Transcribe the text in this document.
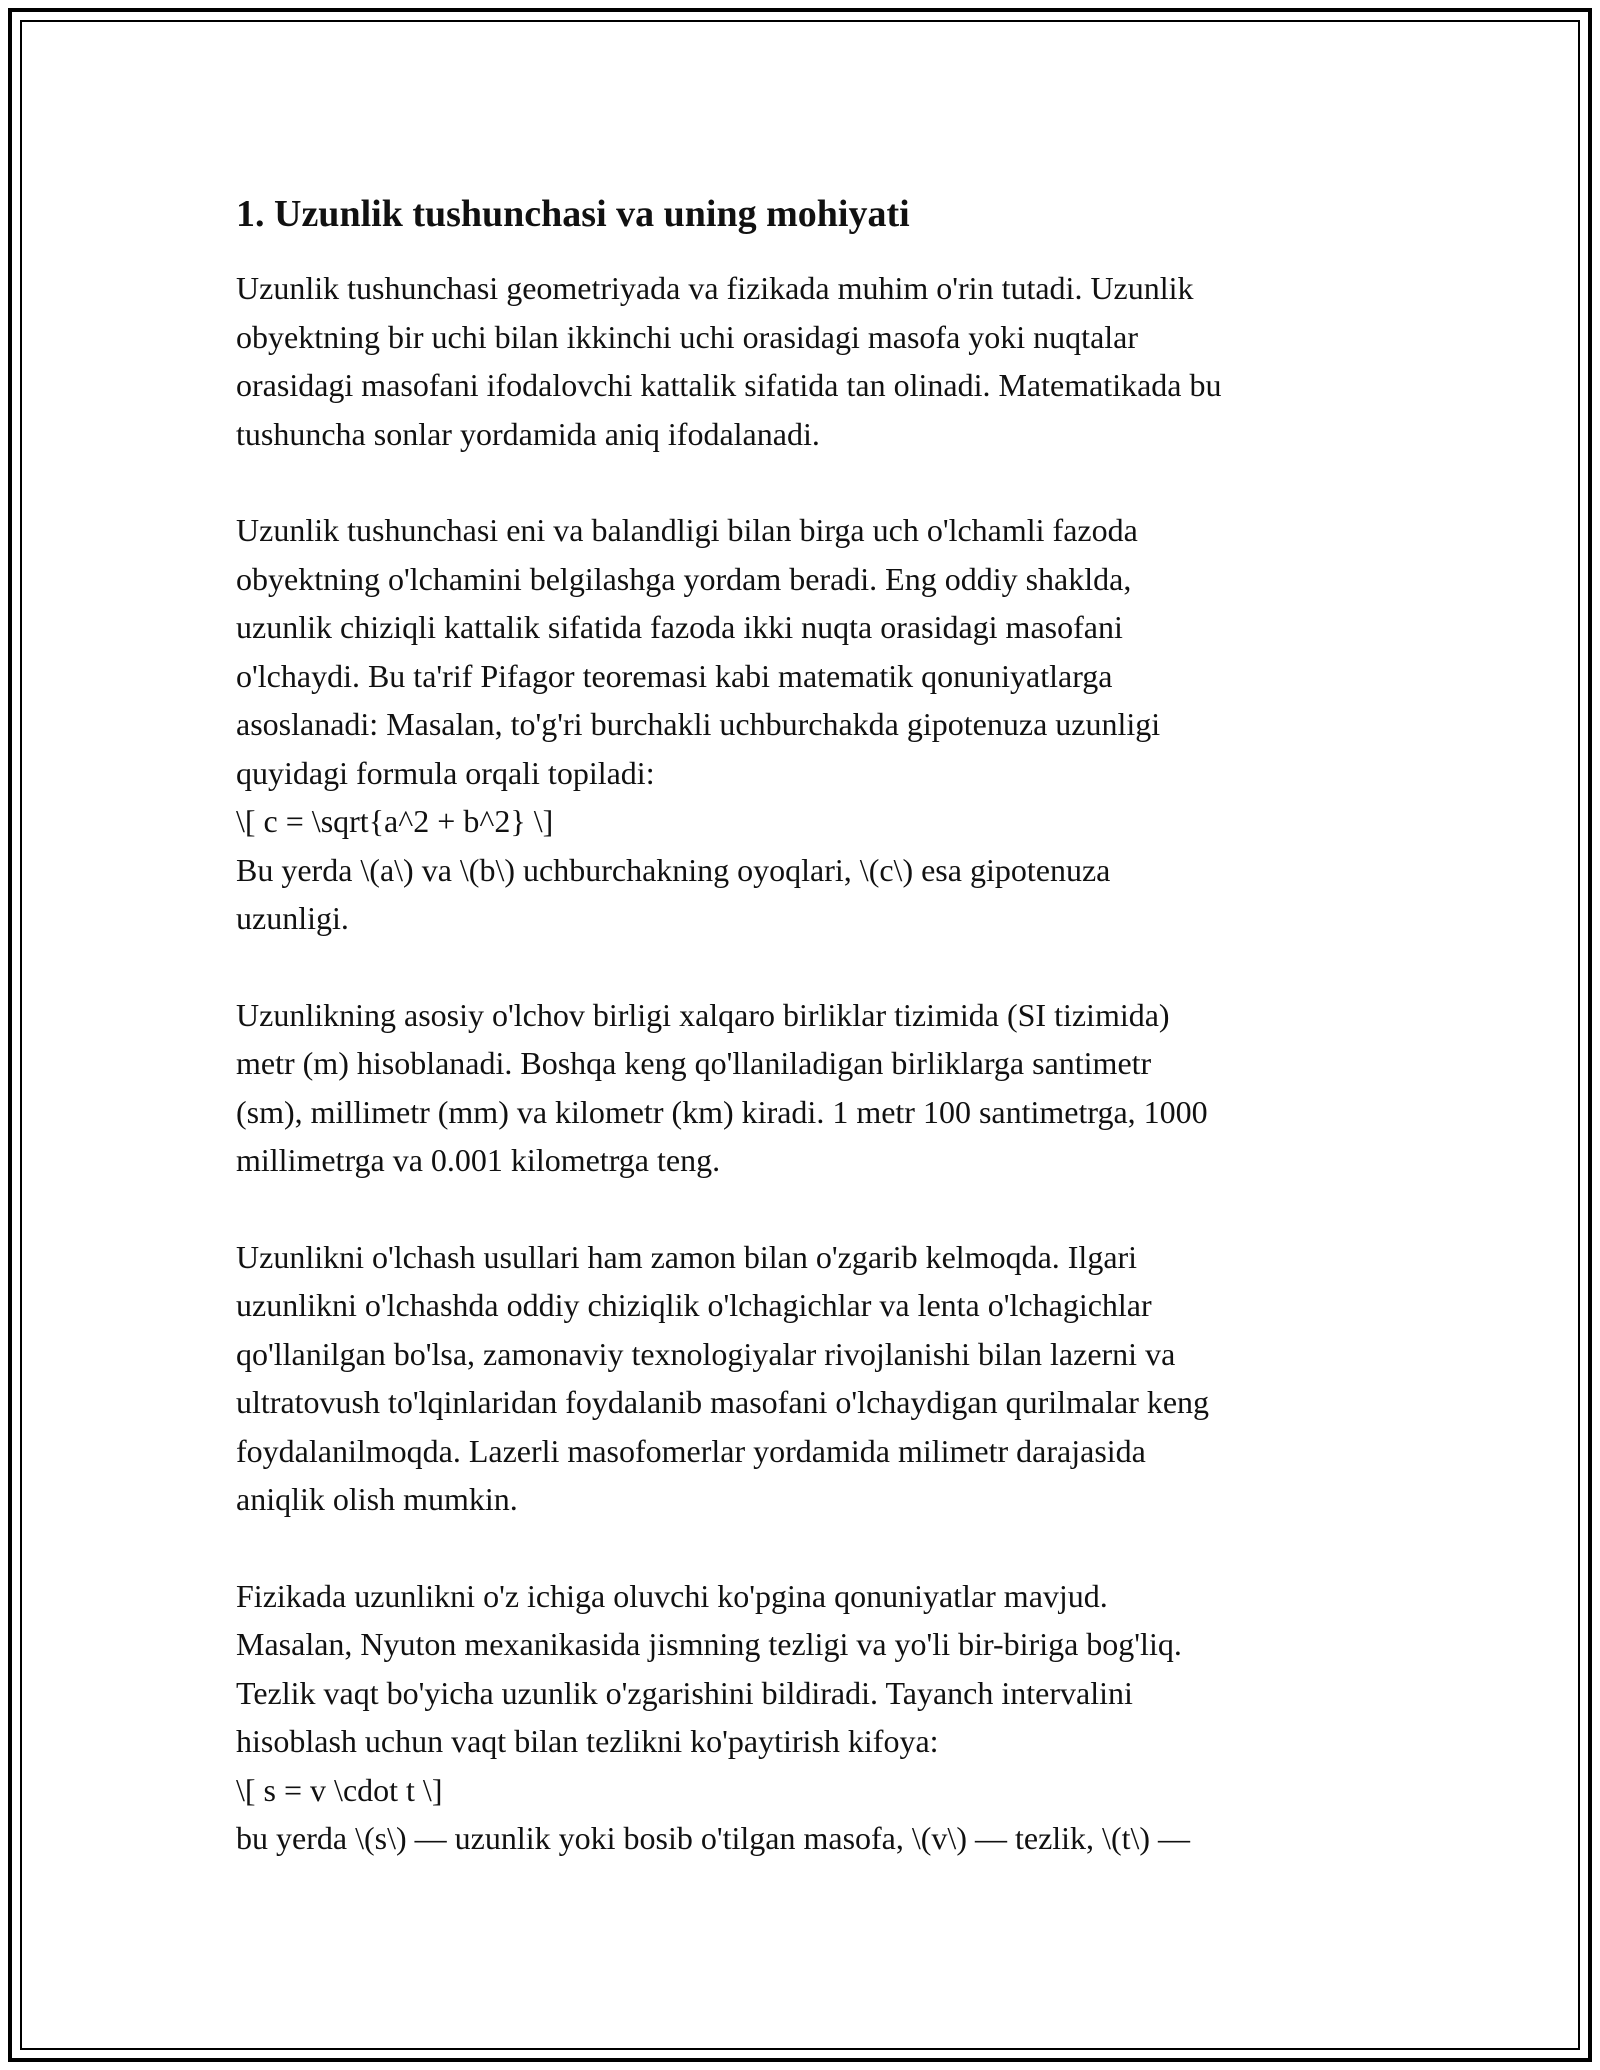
1. Uzunlik tushunchasi va uning mohiyati
Uzunlik tushunchasi geometriyada va fizikada muhim o'rin tutadi. Uzunlik
obyektning bir uchi bilan ikkinchi uchi orasidagi masofa yoki nuqtalar
orasidagi masofani ifodalovchi kattalik sifatida tan olinadi. Matematikada bu
tushuncha sonlar yordamida aniq ifodalanadi.
Uzunlik tushunchasi eni va balandligi bilan birga uch o'lchamli fazoda
obyektning o'lchamini belgilashga yordam beradi. Eng oddiy shaklda,
uzunlik chiziqli kattalik sifatida fazoda ikki nuqta orasidagi masofani
o'lchaydi. Bu ta'rif Pifagor teoremasi kabi matematik qonuniyatlarga
asoslanadi: Masalan, to'g'ri burchakli uchburchakda gipotenuza uzunligi
quyidagi formula orqali topiladi:
\[ c = \sqrt{a^2 + b^2} \]
Bu yerda \(a\) va \(b\) uchburchakning oyoqlari, \(c\) esa gipotenuza
uzunligi.
Uzunlikning asosiy o'lchov birligi xalqaro birliklar tizimida (SI tizimida)
metr (m) hisoblanadi. Boshqa keng qo'llaniladigan birliklarga santimetr
(sm), millimetr (mm) va kilometr (km) kiradi. 1 metr 100 santimetrga, 1000
millimetrga va 0.001 kilometrga teng.
Uzunlikni o'lchash usullari ham zamon bilan o'zgarib kelmoqda. Ilgari
uzunlikni o'lchashda oddiy chiziqlik o'lchagichlar va lenta o'lchagichlar
qo'llanilgan bo'lsa, zamonaviy texnologiyalar rivojlanishi bilan lazerni va
ultratovush to'lqinlaridan foydalanib masofani o'lchaydigan qurilmalar keng
foydalanilmoqda. Lazerli masofomerlar yordamida milimetr darajasida
aniqlik olish mumkin.
Fizikada uzunlikni o'z ichiga oluvchi ko'pgina qonuniyatlar mavjud.
Masalan, Nyuton mexanikasida jismning tezligi va yo'li bir-biriga bog'liq.
Tezlik vaqt bo'yicha uzunlik o'zgarishini bildiradi. Tayanch intervalini
hisoblash uchun vaqt bilan tezlikni ko'paytirish kifoya:
\[ s = v \cdot t \]
bu yerda \(s\) — uzunlik yoki bosib o'tilgan masofa, \(v\) — tezlik, \(t\) —
